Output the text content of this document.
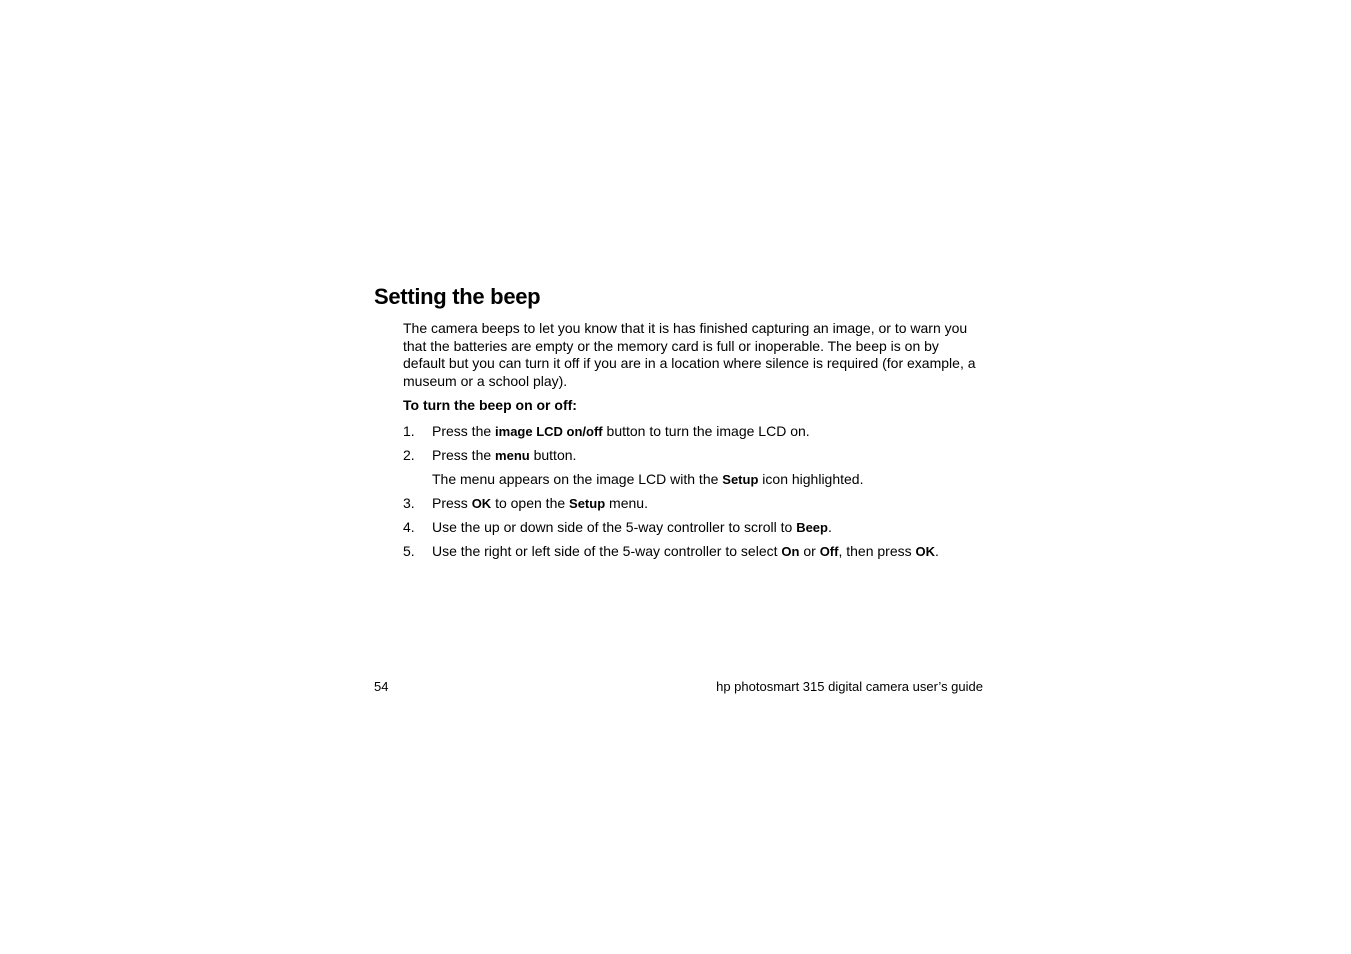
Setting the beep

The camera beeps to let you know that it is has finished capturing an image, or to warn you that the batteries are empty or the memory card is full or inoperable. The beep is on by default but you can turn it off if you are in a location where silence is required (for example, a museum or a school play).

To turn the beep on or off:

1. Press the image LCD on/off button to turn the image LCD on.
2. Press the menu button.
The menu appears on the image LCD with the Setup icon highlighted.
3. Press OK to open the Setup menu.
4. Use the up or down side of the 5-way controller to scroll to Beep.
5. Use the right or left side of the 5-way controller to select On or Off, then press OK.
54	hp photosmart 315 digital camera user’s guide
